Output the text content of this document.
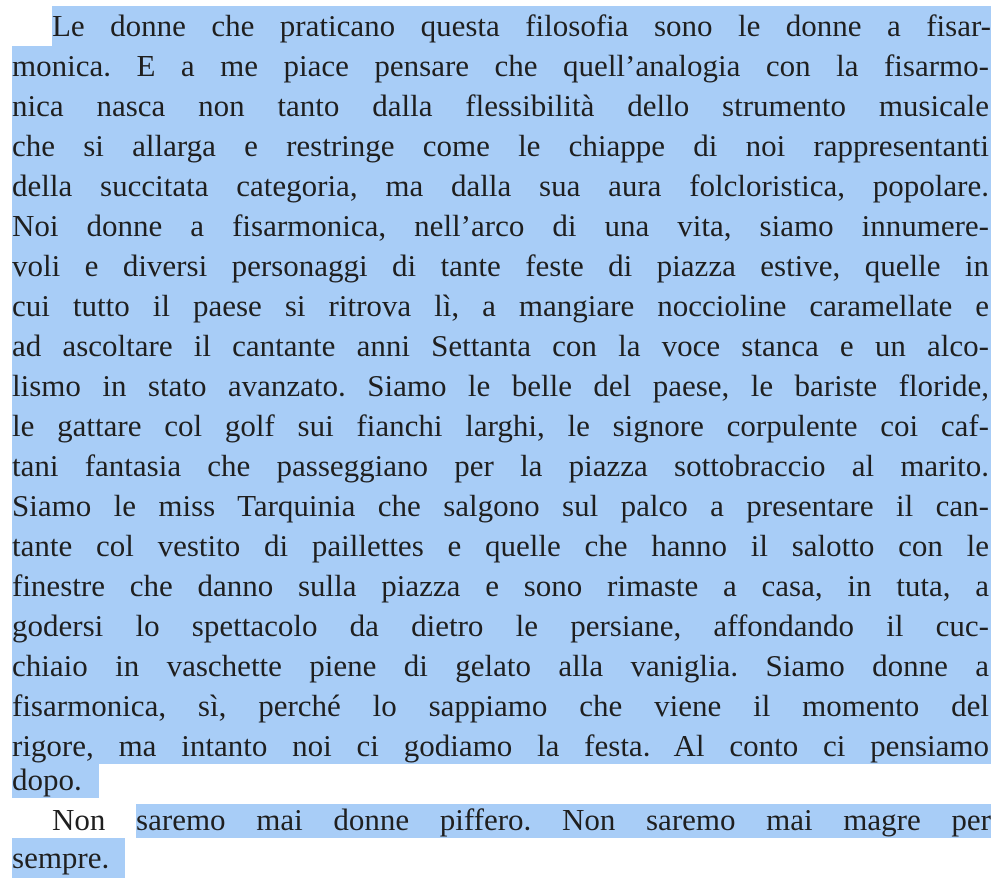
Le donne che praticano questa filosofia sono le donne a fisar-
monica. E a me piace pensare che quell’analogia con la fisarmo-
nica nasca non tanto dalla flessibilità dello strumento musicale
che si allarga e restringe come le chiappe di noi rappresentanti
della succitata categoria, ma dalla sua aura folcloristica, popolare.
Noi donne a fisarmonica, nell’arco di una vita, siamo innumere-
voli e diversi personaggi di tante feste di piazza estive, quelle in
cui tutto il paese si ritrova lì, a mangiare noccioline caramellate e
ad ascoltare il cantante anni Settanta con la voce stanca e un alco-
lismo in stato avanzato. Siamo le belle del paese, le bariste floride,
le gattare col golf sui fianchi larghi, le signore corpulente coi caf-
tani fantasia che passeggiano per la piazza sottobraccio al marito.
Siamo le miss Tarquinia che salgono sul palco a presentare il can-
tante col vestito di paillettes e quelle che hanno il salotto con le
finestre che danno sulla piazza e sono rimaste a casa, in tuta, a
godersi lo spettacolo da dietro le persiane, affondando il cuc-
chiaio in vaschette piene di gelato alla vaniglia. Siamo donne a
fisarmonica, sì, perché lo sappiamo che viene il momento del
rigore, ma intanto noi ci godiamo la festa. Al conto ci pensiamo
dopo.
Non saremo mai donne piffero. Non saremo mai magre per
sempre.
